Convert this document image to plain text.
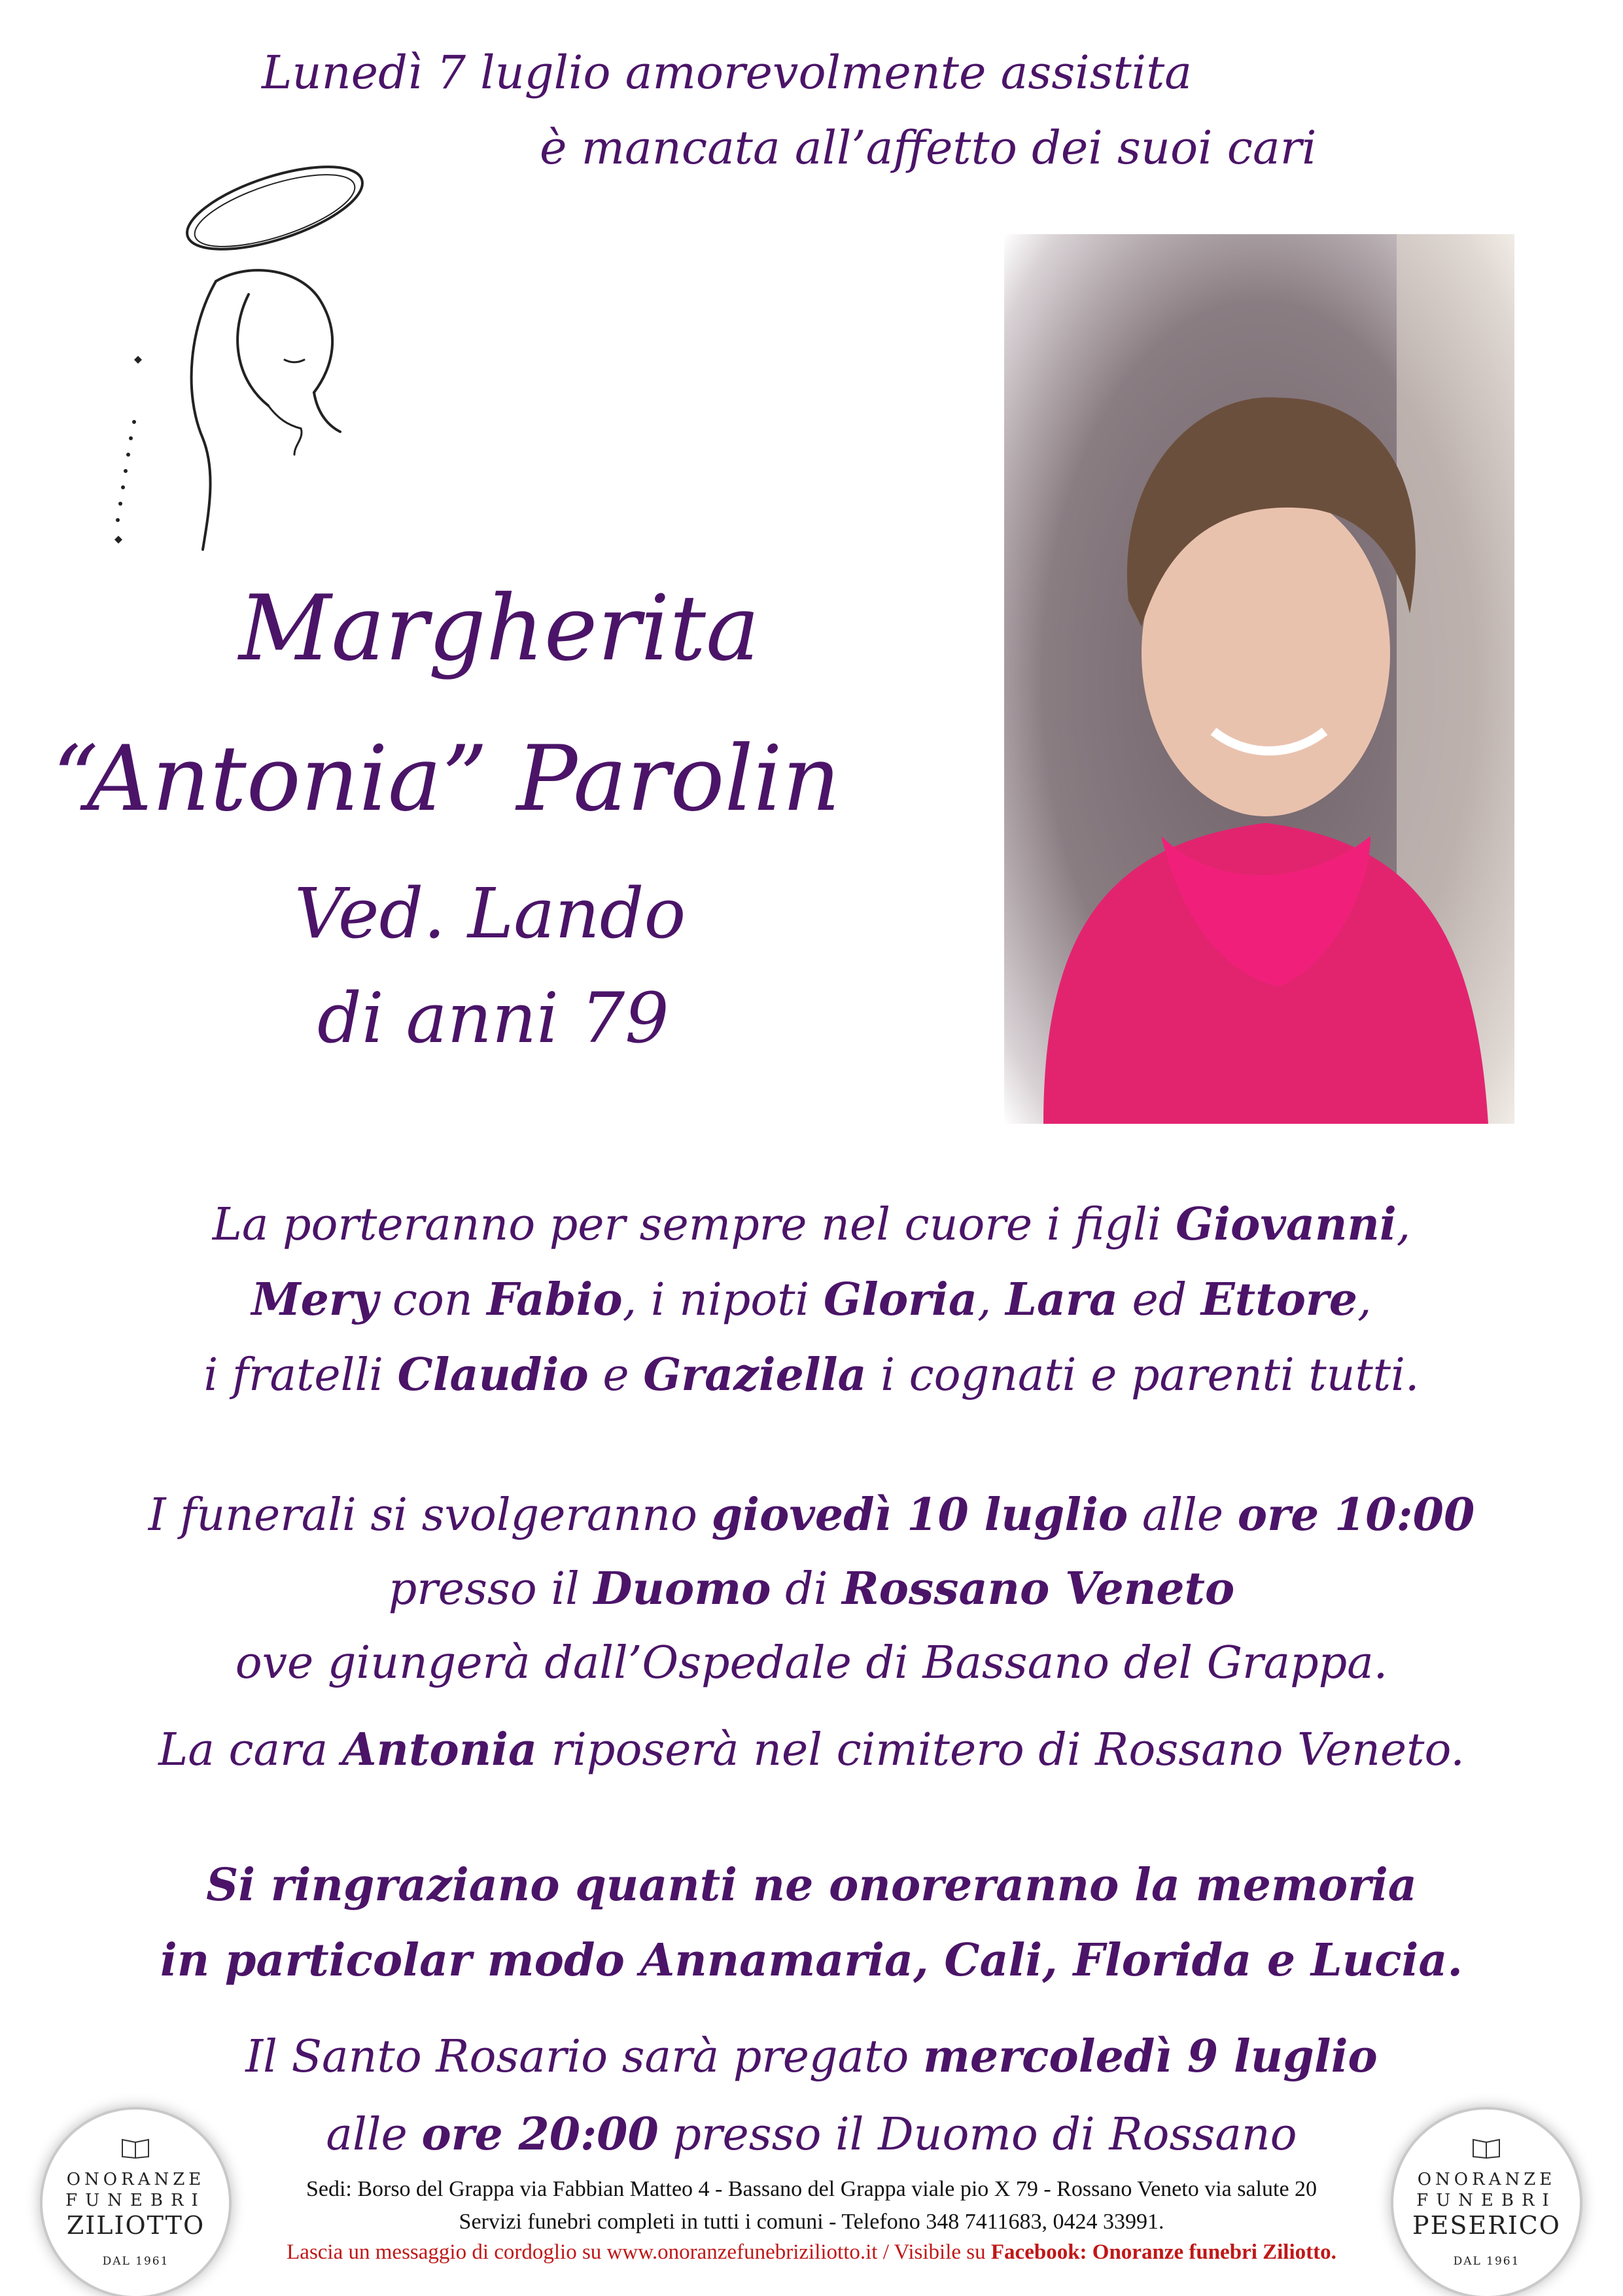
Lunedì 7 luglio amorevolmente assistita
è mancata all’affetto dei suoi cari
Margherita
“Antonia” Parolin
Ved. Lando
di anni 79
La porteranno per sempre nel cuore i figli Giovanni,
Mery con Fabio, i nipoti Gloria, Lara ed Ettore,
i fratelli Claudio e Graziella i cognati e parenti tutti.
I funerali si svolgeranno giovedì 10 luglio alle ore 10:00
presso il Duomo di Rossano Veneto
ove giungerà dall’Ospedale di Bassano del Grappa.
La cara Antonia riposerà nel cimitero di Rossano Veneto.
Si ringraziano quanti ne onoreranno la memoria
in particolar modo Annamaria, Cali, Florida e Lucia.
Il Santo Rosario sarà pregato mercoledì 9 luglio
alle ore 20:00 presso il Duomo di Rossano
ONORANZE
FUNEBRI
ZILIOTTO
DAL 1961
ONORANZE
FUNEBRI
PESERICO
DAL 1961
Sedi: Borso del Grappa via Fabbian Matteo 4 - Bassano del Grappa viale pio X 79 - Rossano Veneto via salute 20
Servizi funebri completi in tutti i comuni - Telefono 348 7411683, 0424 33991.
Lascia un messaggio di cordoglio su www.onoranzefunebriziliotto.it / Visibile su Facebook: Onoranze funebri Ziliotto.
